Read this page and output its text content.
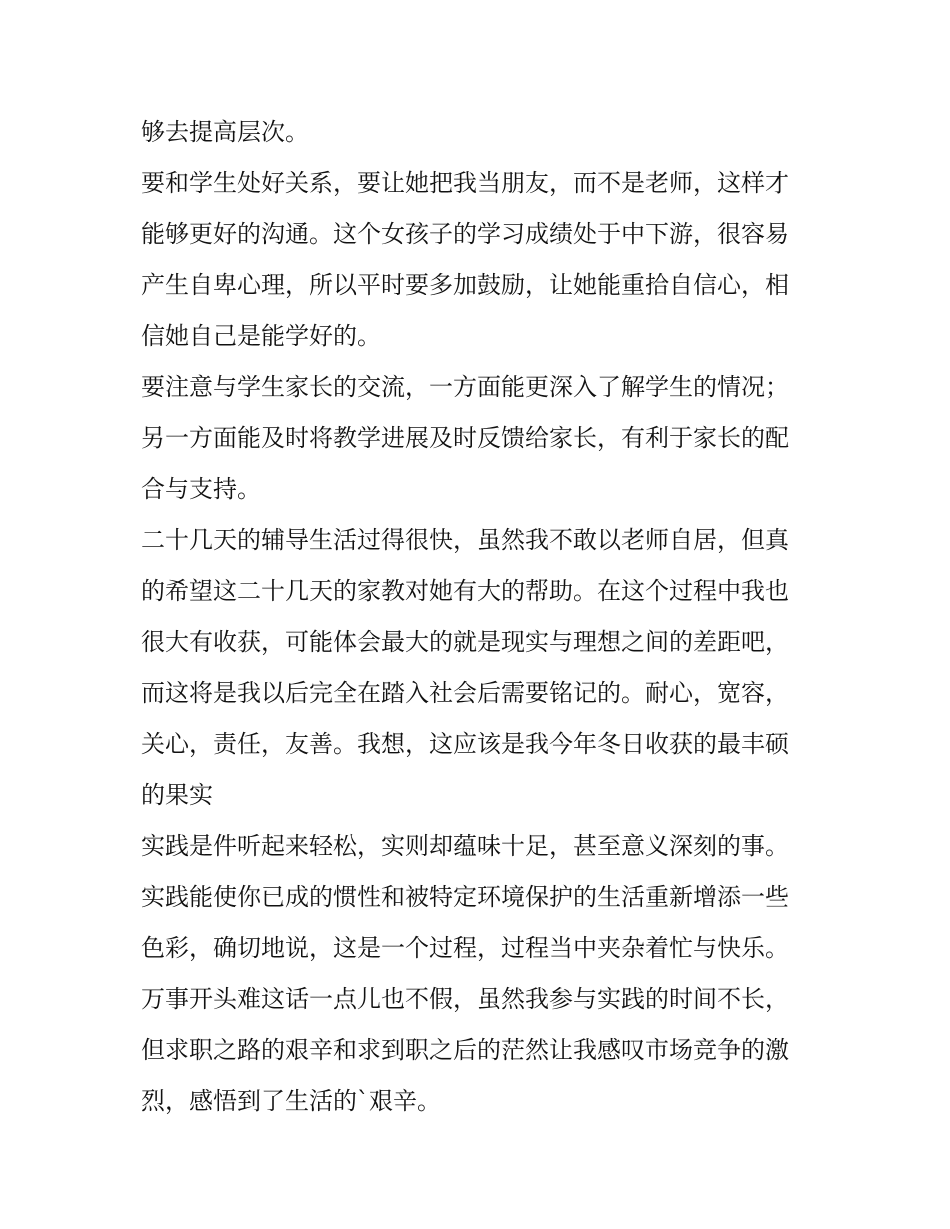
够去提高层次。
要和学生处好关系，要让她把我当朋友，而不是老师，这样才
能够更好的沟通。这个女孩子的学习成绩处于中下游，很容易
产生自卑心理，所以平时要多加鼓励，让她能重拾自信心，相
信她自己是能学好的。
要注意与学生家长的交流，一方面能更深入了解学生的情况；
另一方面能及时将教学进展及时反馈给家长，有利于家长的配
合与支持。
二十几天的辅导生活过得很快，虽然我不敢以老师自居，但真
的希望这二十几天的家教对她有大的帮助。在这个过程中我也
很大有收获，可能体会最大的就是现实与理想之间的差距吧，
而这将是我以后完全在踏入社会后需要铭记的。耐心，宽容，
关心，责任，友善。我想，这应该是我今年冬日收获的最丰硕
的果实
实践是件听起来轻松，实则却蕴味十足，甚至意义深刻的事。
实践能使你已成的惯性和被特定环境保护的生活重新增添一些
色彩，确切地说，这是一个过程，过程当中夹杂着忙与快乐。
万事开头难这话一点儿也不假，虽然我参与实践的时间不长，
但求职之路的艰辛和求到职之后的茫然让我感叹市场竞争的激
烈，感悟到了生活的`艰辛。
